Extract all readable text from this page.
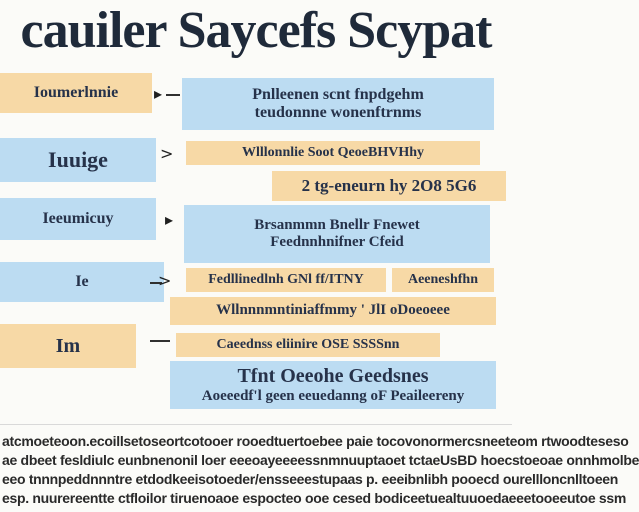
cauiler Saycefs Scypat
Ioumerlnnie
Iuuige
Ieeumicuy
Ie
Im
▸
>
▸
>
Pnlleenen scnt fnpdgehm
teudonnne wonenftrnms
Wlllonnlie Soot QeoeBHVHhy
2 tg-eneurn hy 2O8 5G6
Brsanmmn Bnellr Fnewet
Feednnhnifner Cfeid
Fedllinedlnh GNl ff/ITNY	Aeeneshfhn
Wllnnnmntiniaffmmy ' JlI oDoeoeee
Caeednss eliinire OSE SSSSnn
Tfnt Oeeohe Geedsnes
Aoeeedf'l geen eeuedanng oF Peaileereny
atcmoeteoon.ecoillsetoseortcotooer rooedtuertoebee paie tocovonormercsneeteom rtwoodteseso
ae dbeet fesldiulc eunbnenonil loer eeeoayeeeessnmnuuptaoet tctaeUsBD hoecstoeoae onnhmolbe
eeo tnnnpeddnnntre etdodkeeisotoeder/ensseeestupaas p. eeeibnlibh pooecd ourellloncnlltoeen
esp. nuurereentte ctfloilor tiruenoaoe espocteo ooe cesed bodiceetuealtuuoedaeeetooeeutoe ssm
